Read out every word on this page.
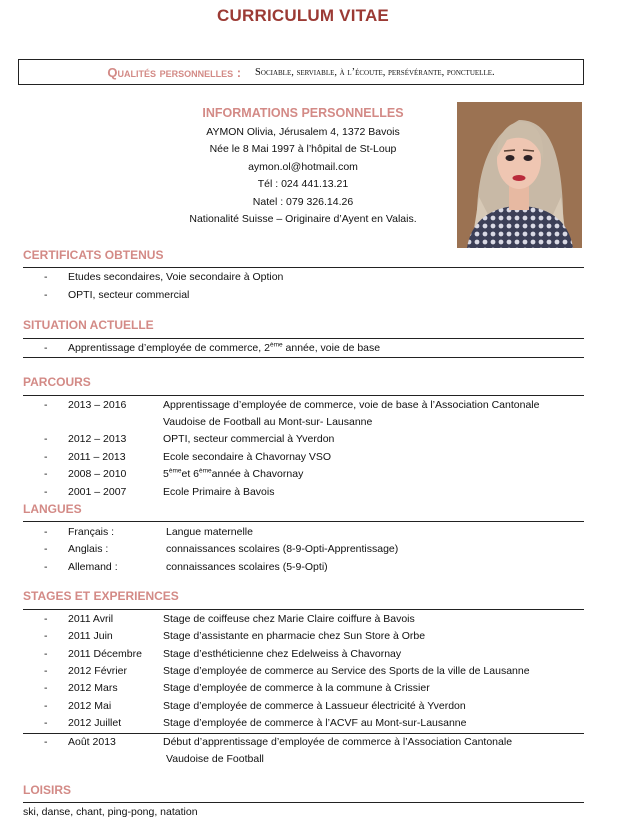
CURRICULUM VITAE
Qualités personnelles : Sociable, serviable, à l’écoute, persévérante, ponctuelle.
INFORMATIONS PERSONNELLES
AYMON Olivia, Jérusalem 4, 1372 Bavois
Née le 8 Mai 1997 à l’hôpital de St-Loup
aymon.ol@hotmail.com
Tél : 024 441.13.21
Natel : 079 326.14.26
Nationalité Suisse – Originaire d’Ayent en Valais.
CERTIFICATS OBTENUS
- Etudes secondaires, Voie secondaire à Option
- OPTI, secteur commercial
SITUATION ACTUELLE
- Apprentissage d’employée de commerce, 2ème année, voie de base
PARCOURS
- 2013 – 2016	Apprentissage d’employée de commerce, voie de base à l’Association Cantonale
Vaudoise de Football au Mont-sur- Lausanne
- 2012 – 2013	OPTI, secteur commercial à Yverdon
- 2011 – 2013	Ecole secondaire à Chavornay VSO
- 2008 – 2010	5èmeet 6èmeannée à Chavornay
- 2001 – 2007	Ecole Primaire à Bavois
LANGUES
- Français :	Langue maternelle
- Anglais :	connaissances scolaires (8-9-Opti-Apprentissage)
- Allemand :	connaissances scolaires (5-9-Opti)
STAGES ET EXPERIENCES
- 2011 Avril	Stage de coiffeuse chez Marie Claire coiffure à Bavois
- 2011 Juin	Stage d’assistante en pharmacie chez Sun Store à Orbe
- 2011 Décembre Stage d’esthéticienne chez Edelweiss à Chavornay
- 2012 Février	Stage d’employée de commerce au Service des Sports de la ville de Lausanne
- 2012 Mars	Stage d’employée de commerce à la commune à Crissier
- 2012 Mai	Stage d’employée de commerce à Lassueur électricité à Yverdon
- 2012 Juillet	Stage d’employée de commerce à l’ACVF au Mont-sur-Lausanne
- Août 2013	Début d’apprentissage d’employée de commerce à l’Association Cantonale
Vaudoise de Football
LOISIRS
ski, danse, chant, ping-pong, natation
